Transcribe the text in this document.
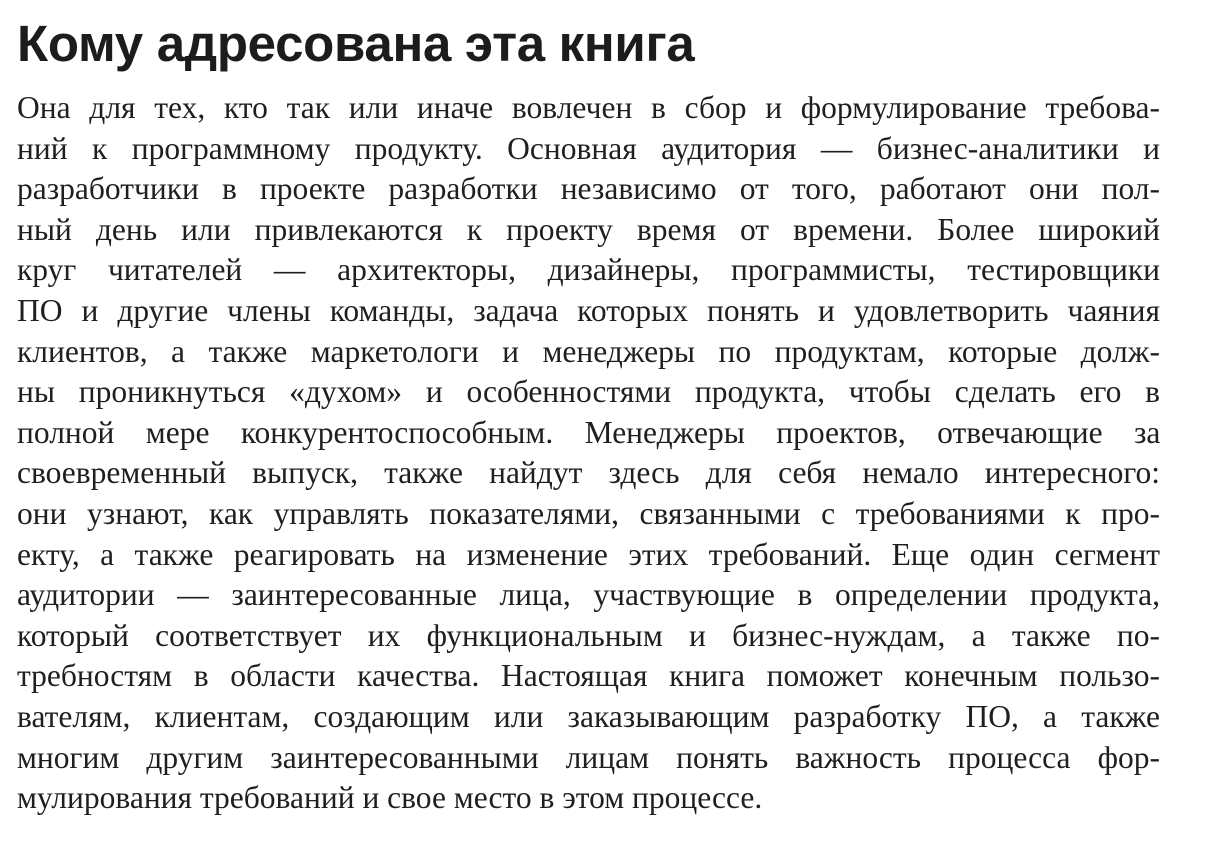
Кому адресована эта книга
Она для тех, кто так или иначе вовлечен в сбор и формулирование требова-
ний к программному продукту. Основная аудитория — бизнес-аналитики и
разработчики в проекте разработки независимо от того, работают они пол-
ный день или привлекаются к проекту время от времени. Более широкий
круг читателей — архитекторы, дизайнеры, программисты, тестировщики
ПО и другие члены команды, задача которых понять и удовлетворить чаяния
клиентов, а также маркетологи и менеджеры по продуктам, которые долж-
ны проникнуться «духом» и особенностями продукта, чтобы сделать его в
полной мере конкурентоспособным. Менеджеры проектов, отвечающие за
своевременный выпуск, также найдут здесь для себя немало интересного:
они узнают, как управлять показателями, связанными с требованиями к про-
екту, а также реагировать на изменение этих требований. Еще один сегмент
аудитории — заинтересованные лица, участвующие в определении продукта,
который соответствует их функциональным и бизнес-нуждам, а также по-
требностям в области качества. Настоящая книга поможет конечным пользо-
вателям, клиентам, создающим или заказывающим разработку ПО, а также
многим другим заинтересованными лицам понять важность процесса фор-
мулирования требований и свое место в этом процессе.
